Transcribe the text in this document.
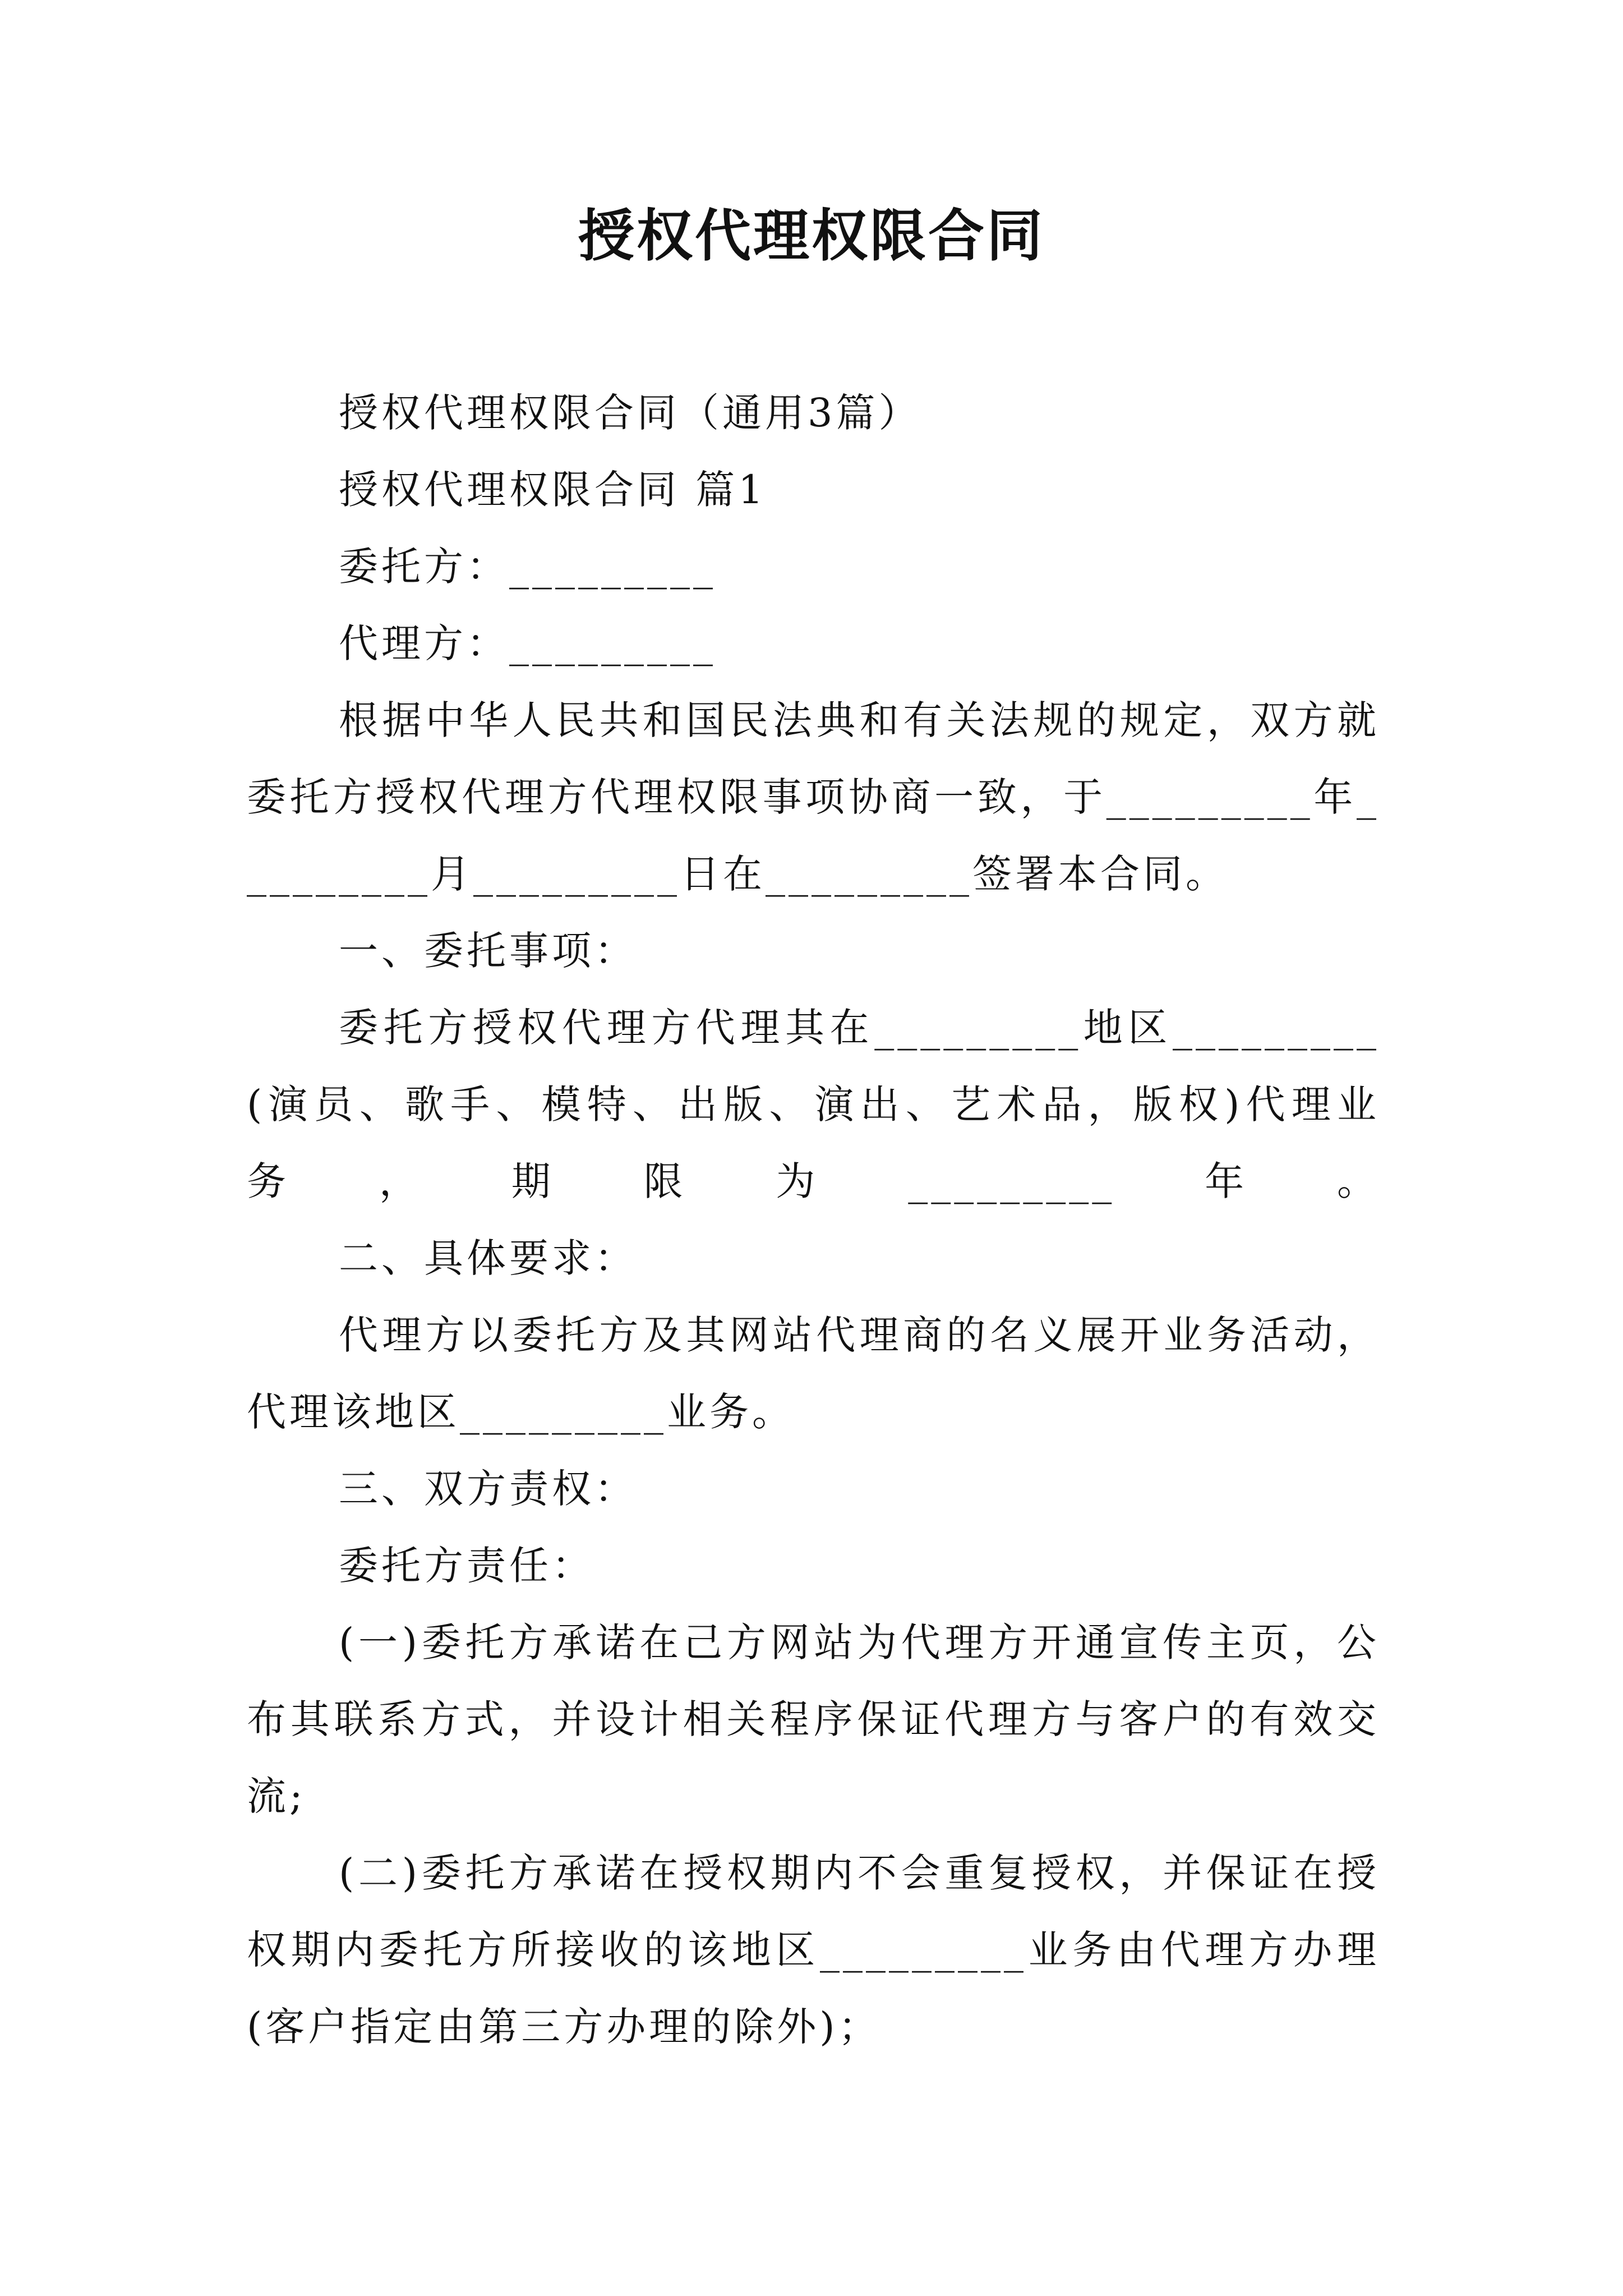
授权代理权限合同

授权代理权限合同（通用3篇）

授权代理权限合同 篇1

委托方：_________

代理方：_________

根据中华人民共和国民法典和有关法规的规定，双方就委托方授权代理方代理权限事项协商一致，于_________年_________月_________日在_________签署本合同。

一、委托事项：

委托方授权代理方代理其在_________地区_________(演员、歌手、模特、出版、演出、艺术品，版权)代理业务，期限为_________年。

二、具体要求：

代理方以委托方及其网站代理商的名义展开业务活动，代理该地区_________业务。

三、双方责权：

委托方责任：

(一)委托方承诺在己方网站为代理方开通宣传主页，公布其联系方式，并设计相关程序保证代理方与客户的有效交流;

(二)委托方承诺在授权期内不会重复授权，并保证在授权期内委托方所接收的该地区_________业务由代理方办理(客户指定由第三方办理的除外)；
